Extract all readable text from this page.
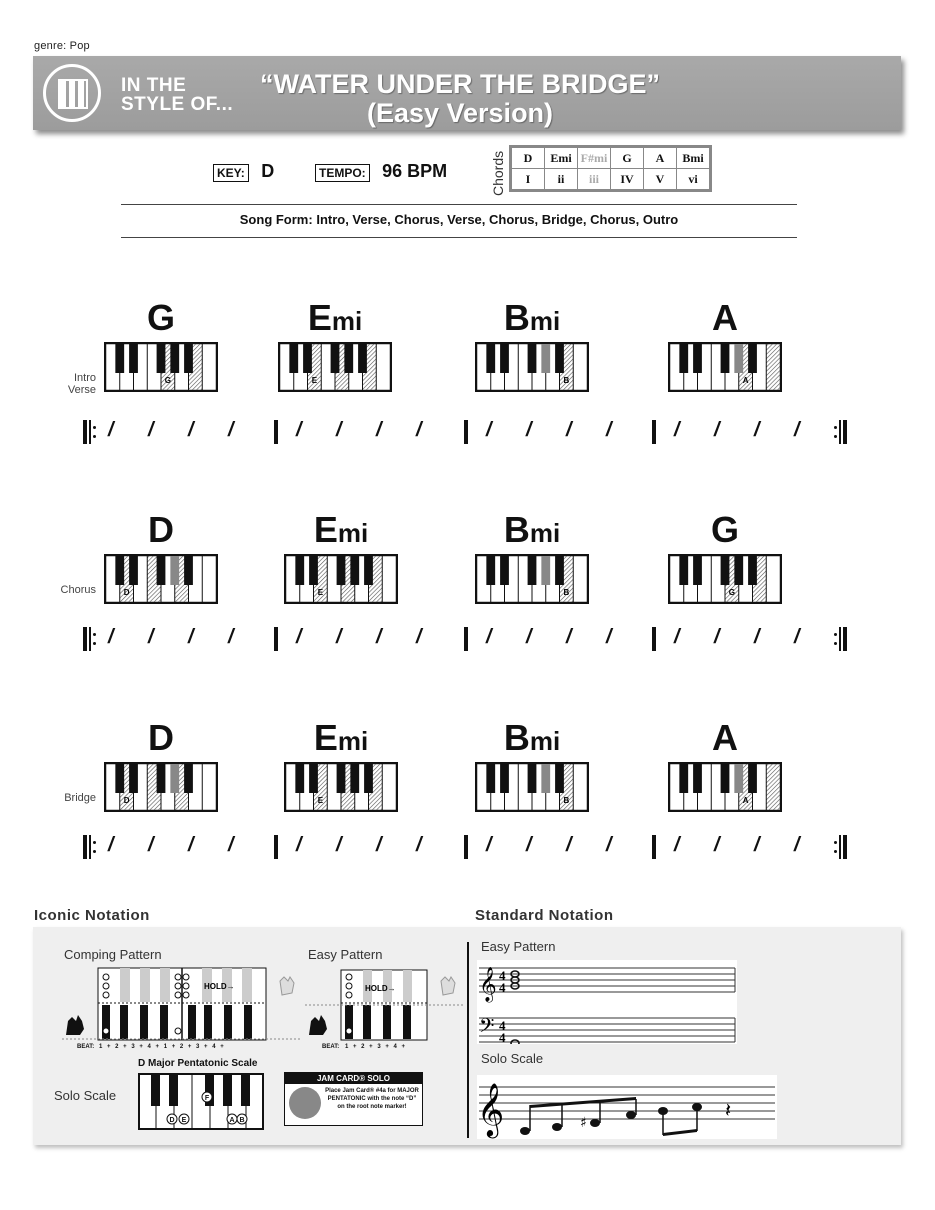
genre: Pop
IN THE
STYLE OF...
“WATER UNDER THE BRIDGE”
(Easy Version)
KEY: D	TEMPO: 96 BPM	Chords D	Emi	F#mi	G	A	Bmi
I	ii	iii	IV	V	vi
Song Form: Intro, Verse, Chorus, Verse, Chorus, Bridge, Chorus, Outro
Intro
Verse
G
G
Emi
E
Bmi
B
A
A
/ / / /	/ / / /	/ / / /	/ / / /
Chorus
D
D
Emi
E
Bmi
B
G
G
/ / / /	/ / / /	/ / / /	/ / / /
Bridge
D
D
Emi
E
Bmi
B
A
A
/ / / /	/ / / /	/ / / /	/ / / /
Iconic Notation	Standard Notation
Comping Pattern
HOLD→
BEAT: 1 + 2 + 3 + 4 + 1 + 2 + 3 + 4 +
Easy Pattern
HOLD→
BEAT: 1 + 2 + 3 + 4 +
Solo Scale
D Major Pentatonic Scale
D E
F
A B
JAM CARD® SOLO
Place Jam Card® #4a for MAJOR PENTATONIC with the note “D” on the root note marker!
Easy Pattern
𝄞
𝄢
4
4
4
4
Solo Scale
𝄞	♯
𝄽
